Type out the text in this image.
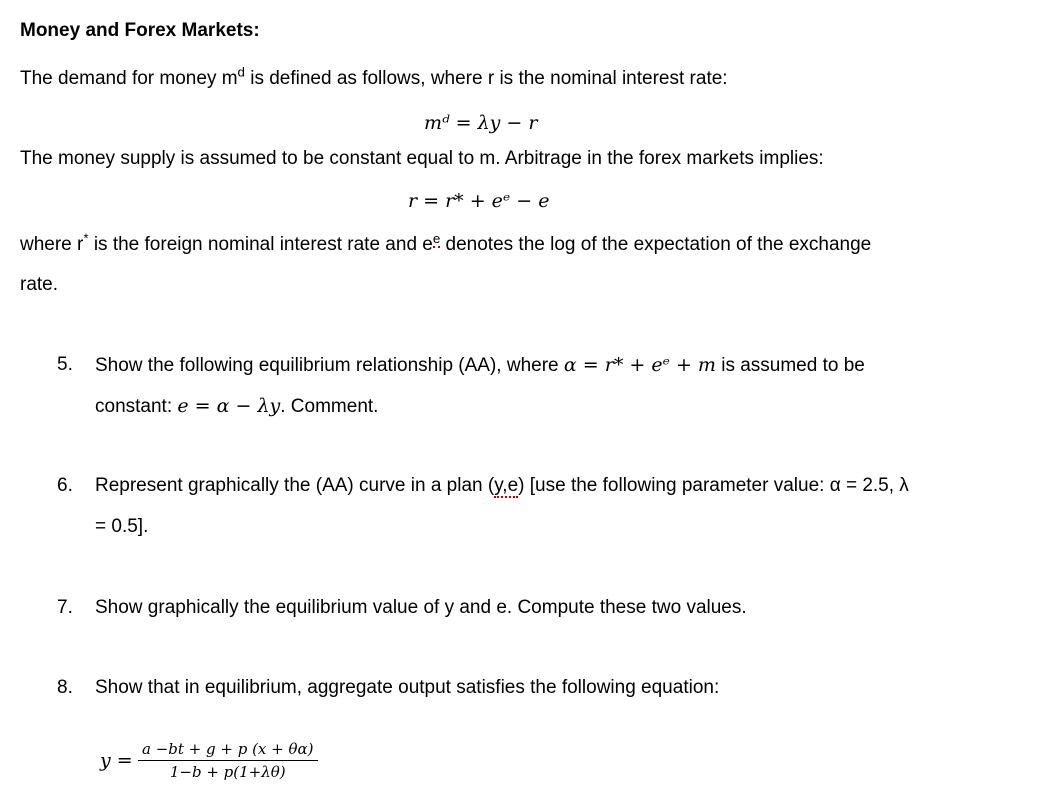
Money and Forex Markets:
The demand for money $m^d$ is defined as follows, where r is the nominal interest rate:
mᵈ = λy − r
The money supply is assumed to be constant equal to m. Arbitrage in the forex markets implies:
r = r* + eᵉ − e
where r* is the foreign nominal interest rate and $e^e$ denotes the log of the expectation of the exchange
rate.
5. Show the following equilibrium relationship (AA), where α = r* + eᵉ + m is assumed to be
constant: e = α − λy. Comment.
6. Represent graphically the (AA) curve in a plan (y,e) [use the following parameter value: α = 2.5, λ
= 0.5].
7. Show graphically the equilibrium value of y and e. Compute these two values.
8. Show that in equilibrium, aggregate output satisfies the following equation:
$y = \frac{a -bt + g + p (x + \theta\alpha)}{1-b + p(1+\lambda\theta)}$
